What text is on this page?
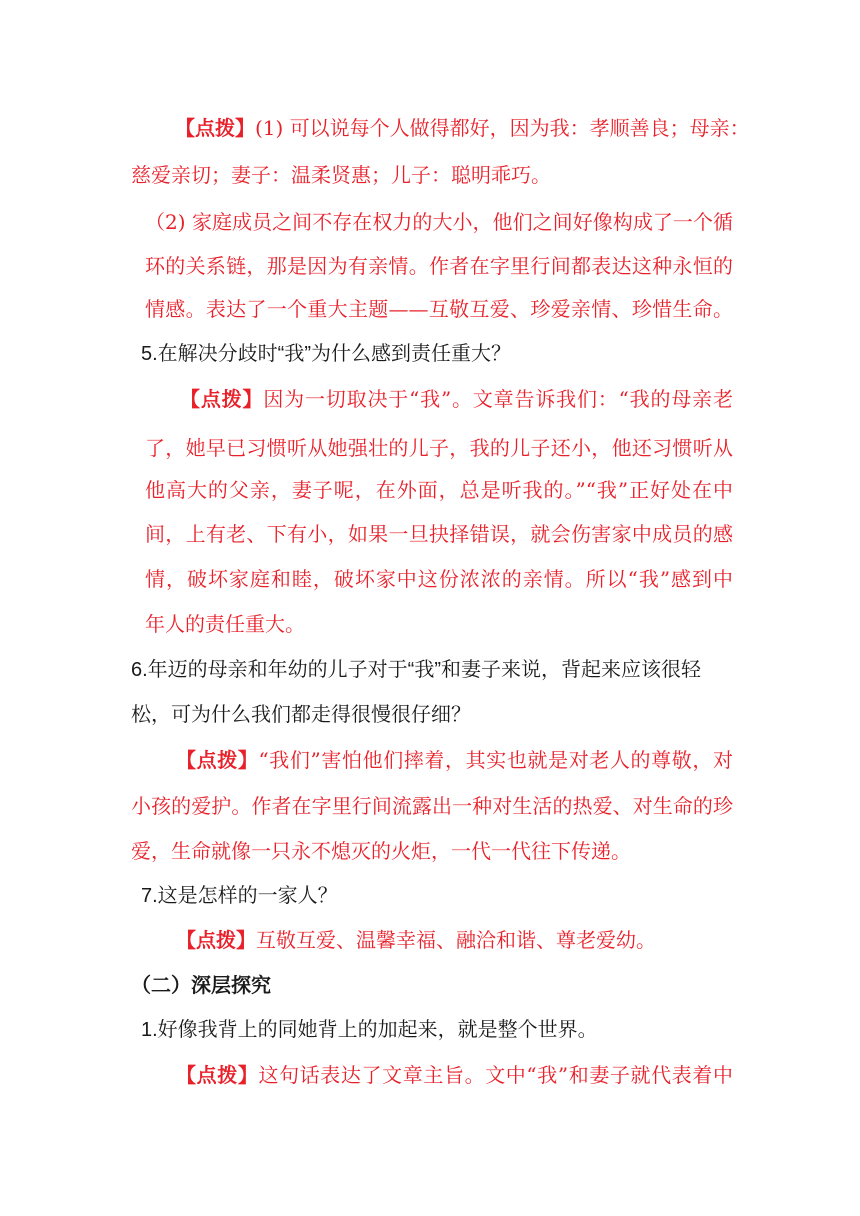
【点拨】(1) 可以说每个人做得都好，因为我：孝顺善良；母亲：
慈爱亲切；妻子：温柔贤惠；儿子：聪明乖巧。
（2) 家庭成员之间不存在权力的大小，他们之间好像构成了一个循
环的关系链，那是因为有亲情。作者在字里行间都表达这种永恒的
情感。表达了一个重大主题——互敬互爱、珍爱亲情、珍惜生命。
5.在解决分歧时“我”为什么感到责任重大？
【点拨】因为一切取决于“我”。文章告诉我们：“我的母亲老
了，她早已习惯听从她强壮的儿子，我的儿子还小，他还习惯听从
他高大的父亲，妻子呢，在外面，总是听我的。”“我”正好处在中
间，上有老、下有小，如果一旦抉择错误，就会伤害家中成员的感
情，破坏家庭和睦，破坏家中这份浓浓的亲情。所以“我”感到中
年人的责任重大。
6.年迈的母亲和年幼的儿子对于“我”和妻子来说，背起来应该很轻
松，可为什么我们都走得很慢很仔细？
【点拨】“我们”害怕他们摔着，其实也就是对老人的尊敬，对
小孩的爱护。作者在字里行间流露出一种对生活的热爱、对生命的珍
爱，生命就像一只永不熄灭的火炬，一代一代往下传递。
7.这是怎样的一家人？
【点拨】互敬互爱、温馨幸福、融洽和谐、尊老爱幼。
（二）深层探究
1.好像我背上的同她背上的加起来，就是整个世界。
【点拨】这句话表达了文章主旨。文中“我”和妻子就代表着中
